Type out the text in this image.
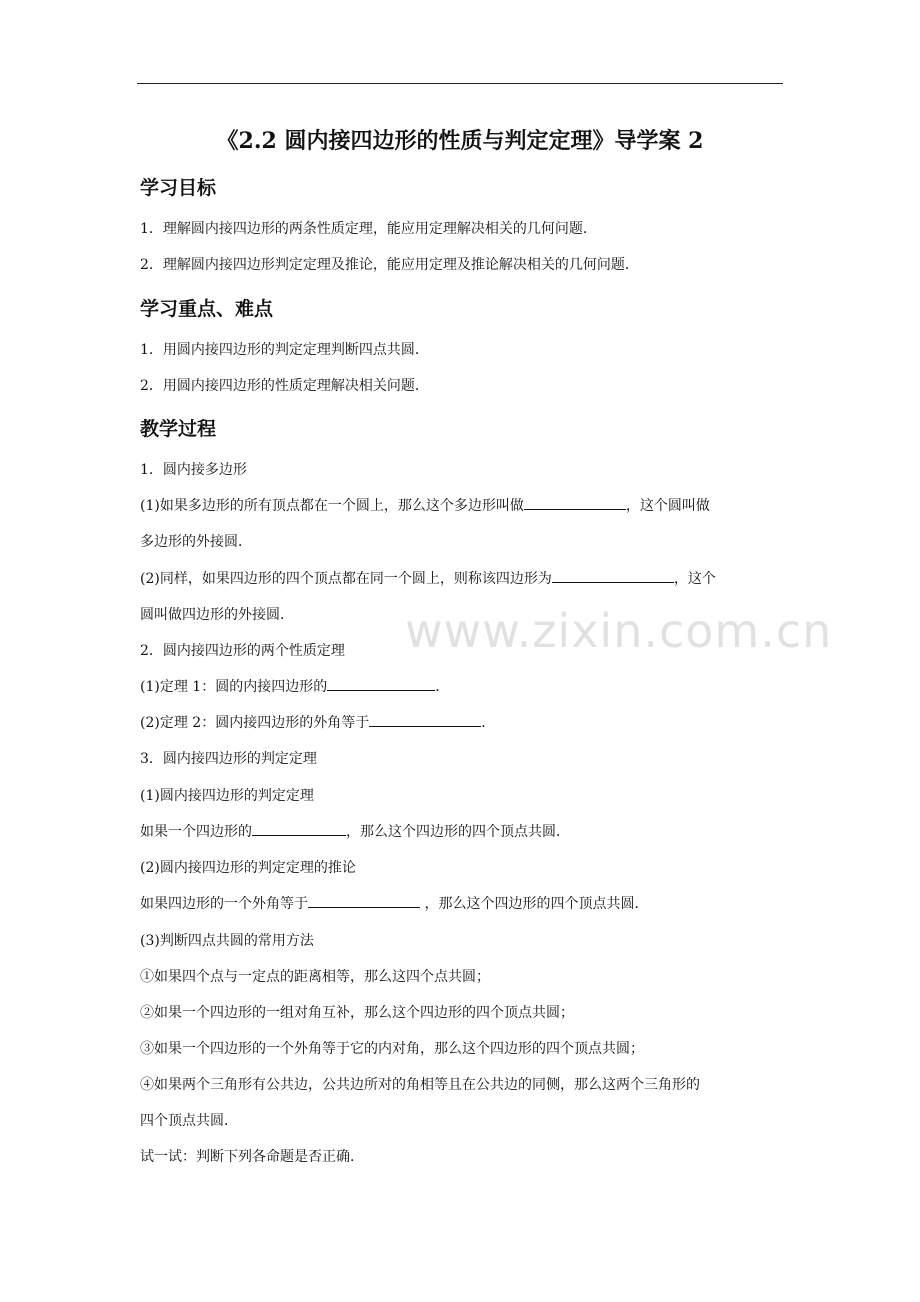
www.zixin.com.cn
《2.2 圆内接四边形的性质与判定定理》导学案 2
学习目标
1．理解圆内接四边形的两条性质定理，能应用定理解决相关的几何问题．
2．理解圆内接四边形判定定理及推论，能应用定理及推论解决相关的几何问题．
学习重点、难点
1．用圆内接四边形的判定定理判断四点共圆．
2．用圆内接四边形的性质定理解决相关问题．
教学过程
1．圆内接多边形
(1)如果多边形的所有顶点都在一个圆上，那么这个多边形叫做	，这个圆叫做
多边形的外接圆．
(2)同样，如果四边形的四个顶点都在同一个圆上，则称该四边形为	，这个
圆叫做四边形的外接圆．
2．圆内接四边形的两个性质定理
(1)定理 1：圆的内接四边形的	．
(2)定理 2：圆内接四边形的外角等于	．
3．圆内接四边形的判定定理
(1)圆内接四边形的判定定理
如果一个四边形的	，那么这个四边形的四个顶点共圆．
(2)圆内接四边形的判定定理的推论
如果四边形的一个外角等于	，那么这个四边形的四个顶点共圆．
(3)判断四点共圆的常用方法
①如果四个点与一定点的距离相等，那么这四个点共圆；
②如果一个四边形的一组对角互补，那么这个四边形的四个顶点共圆；
③如果一个四边形的一个外角等于它的内对角，那么这个四边形的四个顶点共圆；
④如果两个三角形有公共边，公共边所对的角相等且在公共边的同侧，那么这两个三角形的
四个顶点共圆．
试一试：判断下列各命题是否正确．
